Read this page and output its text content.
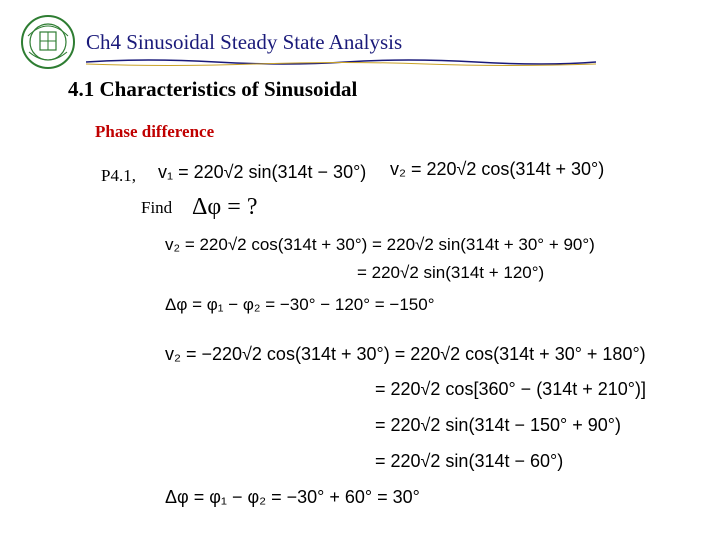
Ch4 Sinusoidal Steady State Analysis
4.1 Characteristics of Sinusoidal
Phase difference
P4.1, v₁ = 220√2 sin(314t − 30°) v₂ = 220√2 cos(314t + 30°)
Find Δφ = ?
v₂ = 220√2 cos(314t + 30°) = 220√2 sin(314t + 30° + 90°)
= 220√2 sin(314t + 120°)
Δφ = φ₁ − φ₂ = −30° − 120° = −150°
v₂ = −220√2 cos(314t + 30°) = 220√2 cos(314t + 30° + 180°)
= 220√2 cos[360° − (314t + 210°)]
= 220√2 sin(314t − 150° + 90°)
= 220√2 sin(314t − 60°)
Δφ = φ₁ − φ₂ = −30° + 60° = 30°
